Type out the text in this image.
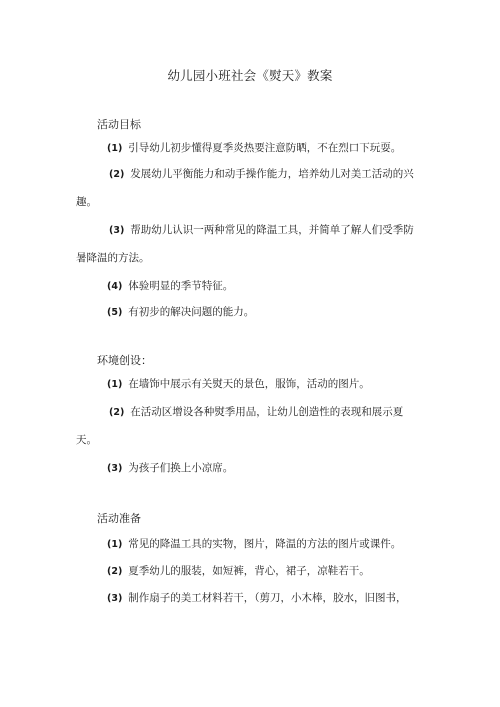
幼儿园小班社会《熨天》教案
活动目标
(1) 引导幼儿初步懂得夏季炎热要注意防晒，不在烈口下玩耍。
(2) 发展幼儿平衡能力和动手操作能力，培养幼儿对美工活动的兴
趣。
(3) 帮助幼儿认识一两种常见的降温工具，并简单了解人们受季防
暑降温的方法。
(4) 体验明显的季节特征。
(5) 有初步的解决问题的能力。
环境创设：
(1) 在墙饰中展示有关熨天的景色，服饰，活动的图片。
(2) 在活动区增设各种熨季用品，让幼儿创造性的表现和展示夏
天。
(3) 为孩子们换上小凉席。
活动准备
(1) 常见的降温工具的实物，图片，降温的方法的图片或课件。
(2) 夏季幼儿的服装，如短裤，背心，裙子，凉鞋若干。
(3) 制作扇子的美工材料若干，（剪刀，小木棒，胶水，旧图书，
